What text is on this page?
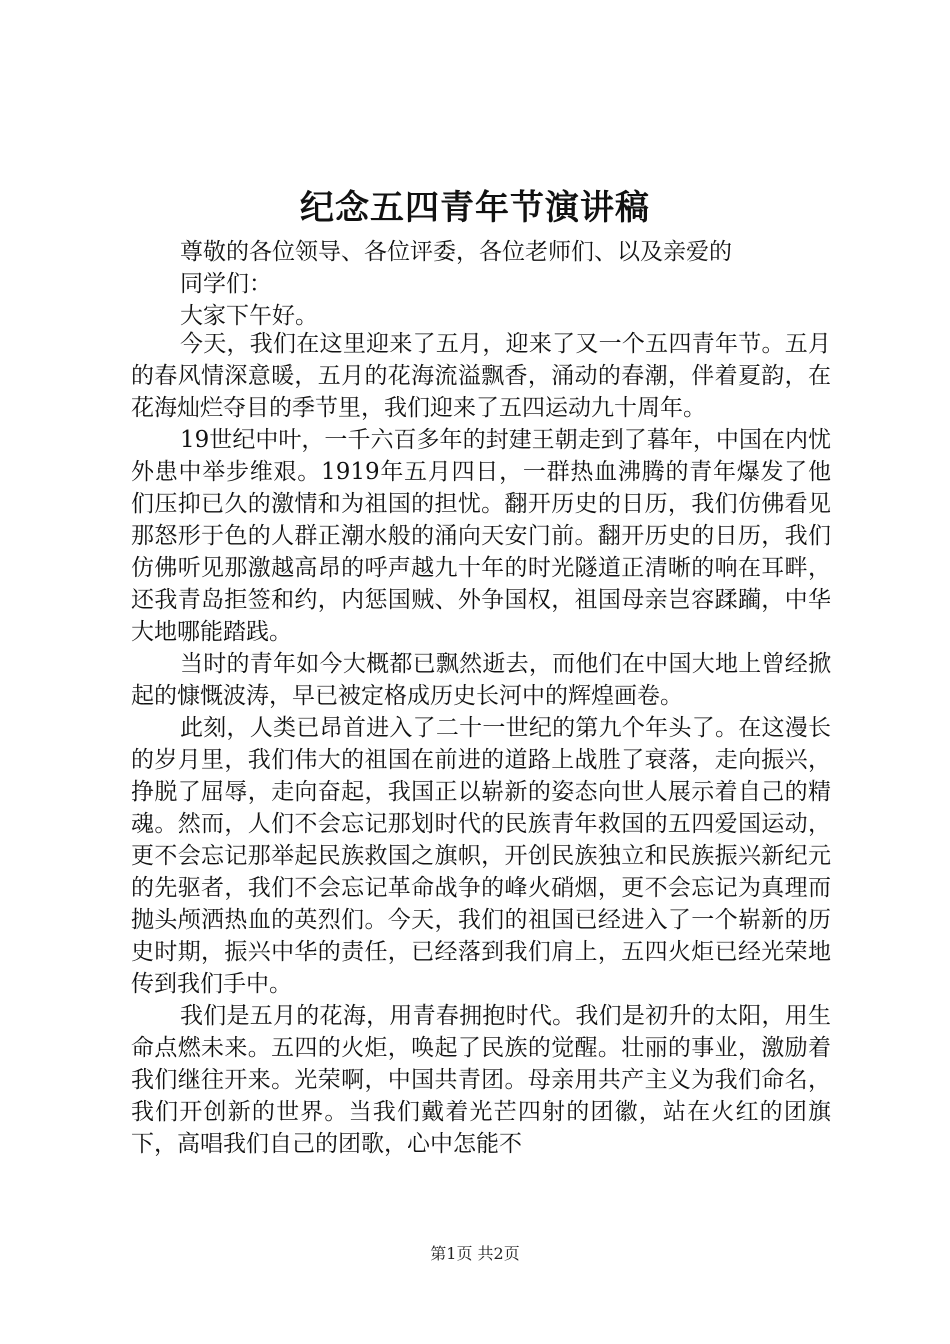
纪念五四青年节演讲稿
尊敬的各位领导、各位评委，各位老师们、以及亲爱的
同学们：
大家下午好。

今天，我们在这里迎来了五月，迎来了又一个五四青年节。五月的春风情深意暖，五月的花海流溢飘香，涌动的春潮，伴着夏韵，在花海灿烂夺目的季节里，我们迎来了五四运动九十周年。

19世纪中叶，一千六百多年的封建王朝走到了暮年，中国在内忧外患中举步维艰。1919年五月四日，一群热血沸腾的青年爆发了他们压抑已久的激情和为祖国的担忧。翻开历史的日历，我们仿佛看见那怒形于色的人群正潮水般的涌向天安门前。翻开历史的日历，我们仿佛听见那激越高昂的呼声越九十年的时光隧道正清晰的响在耳畔，还我青岛拒签和约，内惩国贼、外争国权，祖国母亲岂容蹂躏，中华大地哪能踏践。

当时的青年如今大概都已飘然逝去，而他们在中国大地上曾经掀起的慷慨波涛，早已被定格成历史长河中的辉煌画卷。

此刻，人类已昂首进入了二十一世纪的第九个年头了。在这漫长的岁月里，我们伟大的祖国在前进的道路上战胜了衰落，走向振兴，挣脱了屈辱，走向奋起，我国正以崭新的姿态向世人展示着自己的精魂。然而，人们不会忘记那划时代的民族青年救国的五四爱国运动，更不会忘记那举起民族救国之旗帜，开创民族独立和民族振兴新纪元的先驱者，我们不会忘记革命战争的峰火硝烟，更不会忘记为真理而抛头颅洒热血的英烈们。今天，我们的祖国已经进入了一个崭新的历史时期，振兴中华的责任，已经落到我们肩上，五四火炬已经光荣地传到我们手中。

我们是五月的花海，用青春拥抱时代。我们是初升的太阳，用生命点燃未来。五四的火炬，唤起了民族的觉醒。壮丽的事业，激励着我们继往开来。光荣啊，中国共青团。母亲用共产主义为我们命名，我们开创新的世界。当我们戴着光芒四射的团徽，站在火红的团旗下，高唱我们自己的团歌，心中怎能不

第1页 共2页
